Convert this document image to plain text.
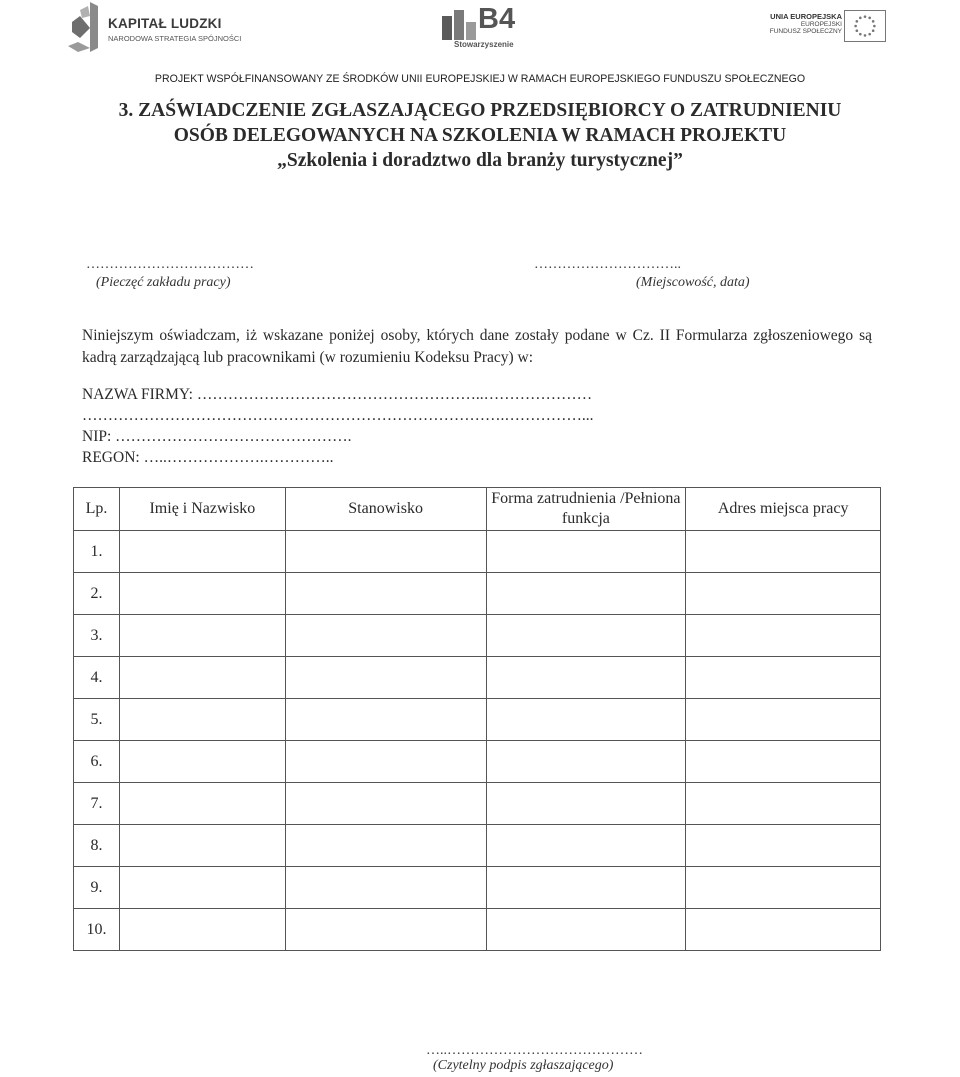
KAPITAŁ LUDZKI
NARODOWA STRATEGIA SPÓJNOŚCI
B4
Stowarzyszenie
UNIA EUROPEJSKA
EUROPEJSKI
FUNDUSZ SPOŁECZNY
PROJEKT WSPÓŁFINANSOWANY ZE ŚRODKÓW UNII EUROPEJSKIEJ W RAMACH EUROPEJSKIEGO FUNDUSZU SPOŁECZNEGO
3. ZAŚWIADCZENIE ZGŁASZAJĄCEGO PRZEDSIĘBIORCY O ZATRUDNIENIU
OSÓB DELEGOWANYCH NA SZKOLENIA W RAMACH PROJEKTU
„Szkolenia i doradztwo dla branży turystycznej”
………………………………
(Pieczęć zakładu pracy)
…………………………..
(Miejscowość, data)
Niniejszym oświadczam, iż wskazane poniżej osoby, których dane zostały podane w Cz. II Formularza zgłoszeniowego są kadrą zarządzającą lub pracownikami (w rozumieniu Kodeksu Pracy) w:
NAZWA FIRMY: ………………………………………………..…………………
……………………………………………………………………….……………...
NIP: ……………………………………….
REGON: …..……………….…………..
Lp.	Imię i Nazwisko	Stanowisko	Forma zatrudnienia /Pełniona funkcja	Adres miejsca pracy
1.				
2.				
3.				
4.				
5.				
6.				
7.				
8.				
9.				
10.				
…..……………………………………
(Czytelny podpis zgłaszającego)
